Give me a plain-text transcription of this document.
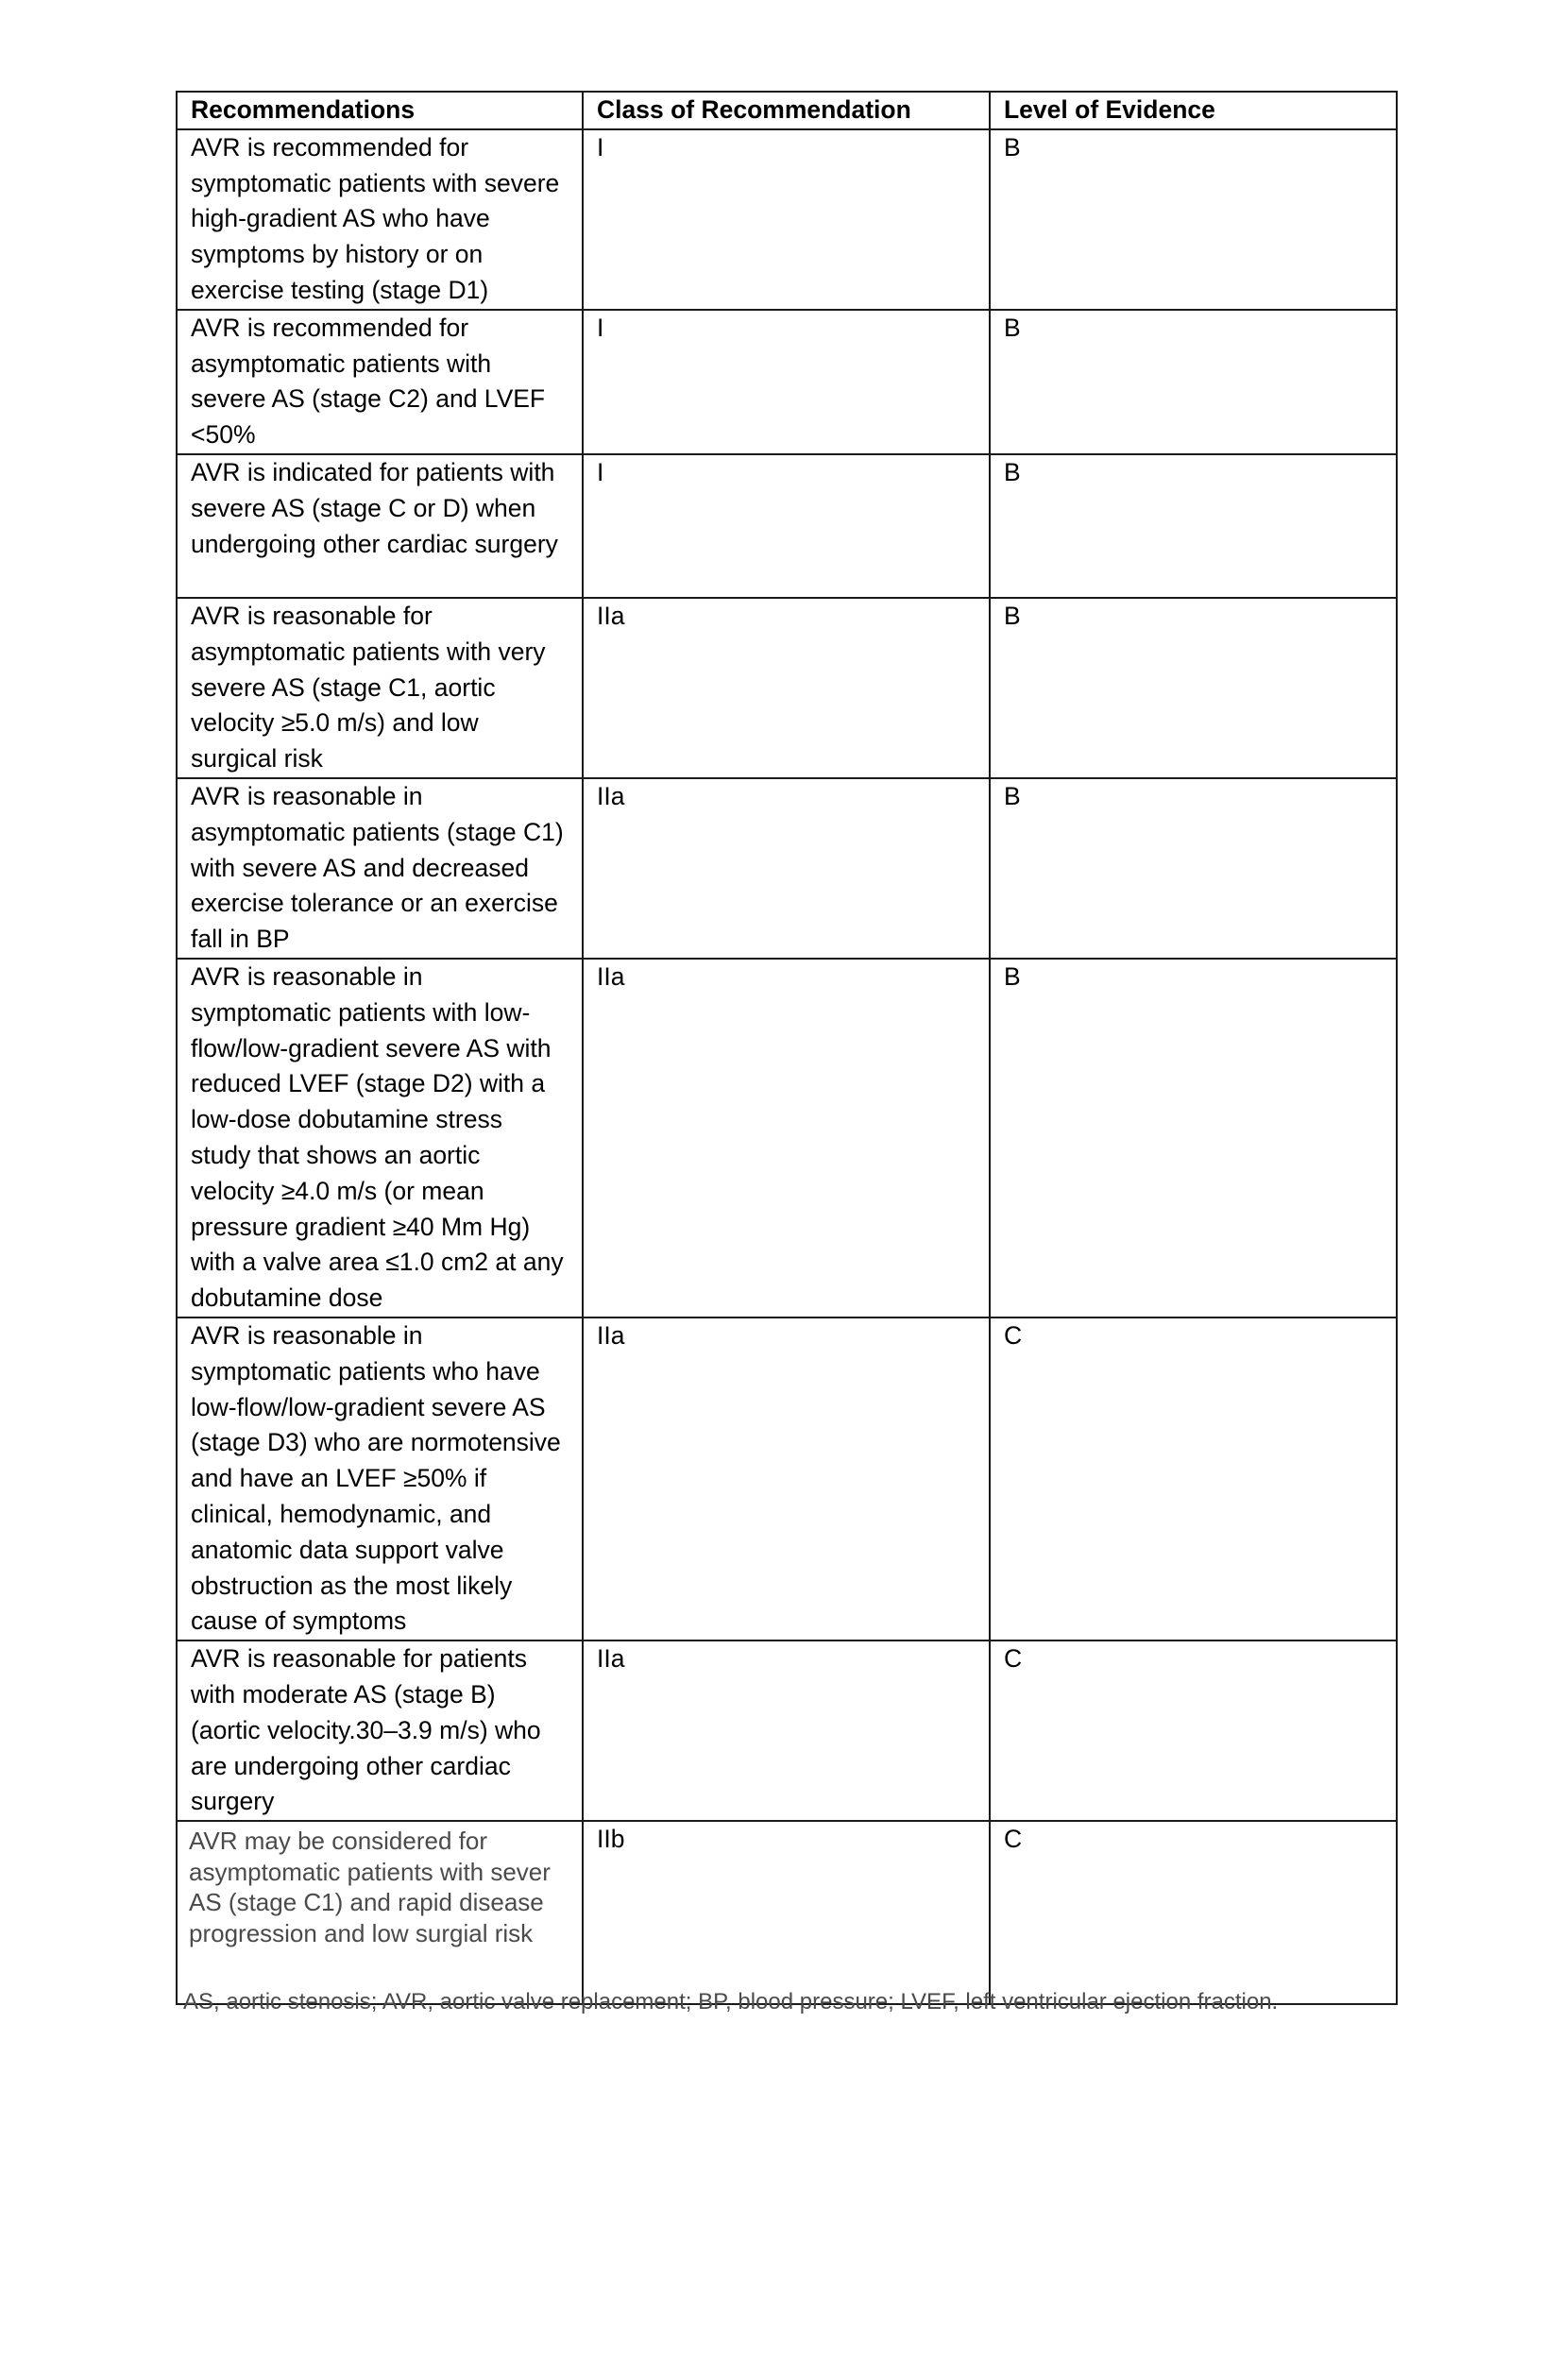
Recommendations	Class of Recommendation	Level of Evidence
AVR is recommended for symptomatic patients with severe high-gradient AS who have symptoms by history or on exercise testing (stage D1)	I	B
AVR is recommended for asymptomatic patients with severe AS (stage C2) and LVEF <50%	I	B
AVR is indicated for patients with severe AS (stage C or D) when undergoing other cardiac surgery	I	B
AVR is reasonable for asymptomatic patients with very severe AS (stage C1, aortic velocity ≥5.0 m/s) and low surgical risk	IIa	B
AVR is reasonable in asymptomatic patients (stage C1) with severe AS and decreased exercise tolerance or an exercise fall in BP	IIa	B
AVR is reasonable in symptomatic patients with low-flow/low-gradient severe AS with reduced LVEF (stage D2) with a low-dose dobutamine stress study that shows an aortic velocity ≥4.0 m/s (or mean pressure gradient ≥40 Mm Hg) with a valve area ≤1.0 cm2 at any dobutamine dose	IIa	B
AVR is reasonable in symptomatic patients who have low-flow/low-gradient severe AS (stage D3) who are normotensive and have an LVEF ≥50% if clinical, hemodynamic, and anatomic data support valve obstruction as the most likely cause of symptoms	IIa	C
AVR is reasonable for patients with moderate AS (stage B) (aortic velocity.30–3.9 m/s) who are undergoing other cardiac surgery	IIa	C
AVR may be considered for asymptomatic patients with sever AS (stage C1) and rapid disease progression and low surgial risk	IIb	C
AS, aortic stenosis; AVR, aortic valve replacement; BP, blood pressure; LVEF, left ventricular ejection fraction.
